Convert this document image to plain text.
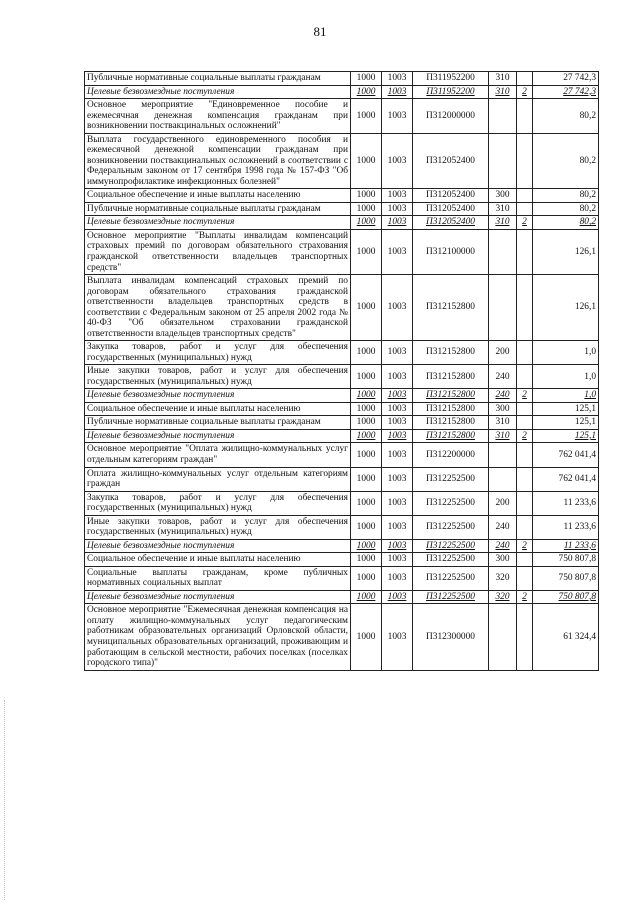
81
Публичные нормативные социальные выплаты гражданам	1000	1003	П311952200	310		27 742,3
Целевые безвозмездные поступления	1000	1003	П311952200	310	2	27 742,3
Основное мероприятие "Единовременное пособие и ежемесячная денежная компенсация гражданам при возникновении поствакцинальных осложнений"	1000	1003	П312000000			80,2
Выплата государственного единовременного пособия и ежемесячной денежной компенсации гражданам при возникновении поствакцинальных осложнений в соответствии с Федеральным законом от 17 сентября 1998 года № 157-ФЗ "Об иммунопрофилактике инфекционных болезней"	1000	1003	П312052400			80,2
Социальное обеспечение и иные выплаты населению	1000	1003	П312052400	300		80,2
Публичные нормативные социальные выплаты гражданам	1000	1003	П312052400	310		80,2
Целевые безвозмездные поступления	1000	1003	П312052400	310	2	80,2
Основное мероприятие "Выплаты инвалидам компенсаций страховых премий по договорам обязательного страхования гражданской ответственности владельцев транспортных средств"	1000	1003	П312100000			126,1
Выплата инвалидам компенсаций страховых премий по договорам обязательного страхования гражданской ответственности владельцев транспортных средств в соответствии с Федеральным законом от 25 апреля 2002 года № 40-ФЗ "Об обязательном страховании гражданской ответственности владельцев транспортных средств"	1000	1003	П312152800			126,1
Закупка товаров, работ и услуг для обеспечения государственных (муниципальных) нужд	1000	1003	П312152800	200		1,0
Иные закупки товаров, работ и услуг для обеспечения государственных (муниципальных) нужд	1000	1003	П312152800	240		1,0
Целевые безвозмездные поступления	1000	1003	П312152800	240	2	1,0
Социальное обеспечение и иные выплаты населению	1000	1003	П312152800	300		125,1
Публичные нормативные социальные выплаты гражданам	1000	1003	П312152800	310		125,1
Целевые безвозмездные поступления	1000	1003	П312152800	310	2	125,1
Основное мероприятие "Оплата жилищно-коммунальных услуг отдельным категориям граждан"	1000	1003	П312200000			762 041,4
Оплата жилищно-коммунальных услуг отдельным категориям граждан	1000	1003	П312252500			762 041,4
Закупка товаров, работ и услуг для обеспечения государственных (муниципальных) нужд	1000	1003	П312252500	200		11 233,6
Иные закупки товаров, работ и услуг для обеспечения государственных (муниципальных) нужд	1000	1003	П312252500	240		11 233,6
Целевые безвозмездные поступления	1000	1003	П312252500	240	2	11 233,6
Социальное обеспечение и иные выплаты населению	1000	1003	П312252500	300		750 807,8
Социальные выплаты гражданам, кроме публичных нормативных социальных выплат	1000	1003	П312252500	320		750 807,8
Целевые безвозмездные поступления	1000	1003	П312252500	320	2	750 807,8
Основное мероприятие "Ежемесячная денежная компенсация на оплату жилищно-коммунальных услуг педагогическим работникам образовательных организаций Орловской области, муниципальных образовательных организаций, проживающим и работающим в сельской местности, рабочих поселках (поселках городского типа)"	1000	1003	П312300000			61 324,4
